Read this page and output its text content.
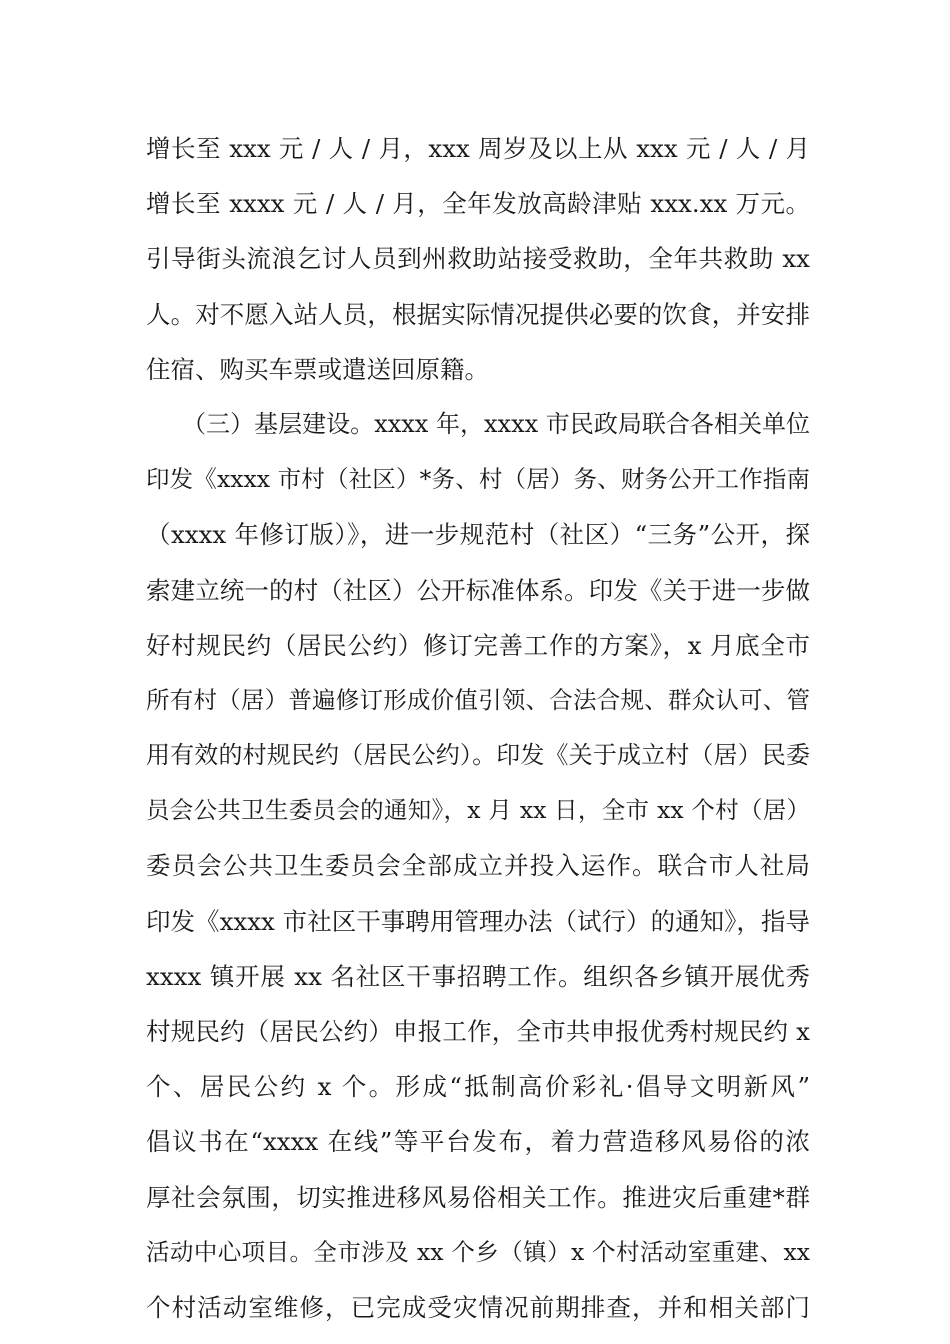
增长至 xxx 元 / 人 / 月，xxx 周岁及以上从 xxx 元 / 人 / 月
增长至 xxxx 元 / 人 / 月，全年发放高龄津贴 xxx.xx 万元。
引导街头流浪乞讨人员到州救助站接受救助，全年共救助 xx
人。对不愿入站人员，根据实际情况提供必要的饮食，并安排
住宿、购买车票或遣送回原籍。
　　（三）基层建设。xxxx 年，xxxx 市民政局联合各相关单位
印发《xxxx 市村（社区）*务、村（居）务、财务公开工作指南
（xxxx 年修订版）》，进一步规范村（社区）“三务”公开，探
索建立统一的村（社区）公开标准体系。印发《关于进一步做
好村规民约（居民公约）修订完善工作的方案》，x 月底全市
所有村（居）普遍修订形成价值引领、合法合规、群众认可、管
用有效的村规民约（居民公约）。印发《关于成立村（居）民委
员会公共卫生委员会的通知》，x 月 xx 日，全市 xx 个村（居）
委员会公共卫生委员会全部成立并投入运作。联合市人社局
印发《xxxx 市社区干事聘用管理办法（试行）的通知》，指导
xxxx 镇开展 xx 名社区干事招聘工作。组织各乡镇开展优秀
村规民约（居民公约）申报工作，全市共申报优秀村规民约 x
个、居民公约 x 个。形成“抵制高价彩礼·倡导文明新风”
倡议书在“xxxx 在线”等平台发布，着力营造移风易俗的浓
厚社会氛围，切实推进移风易俗相关工作。推进灾后重建*群
活动中心项目。全市涉及 xx 个乡（镇）x 个村活动室重建、xx
个村活动室维修，已完成受灾情况前期排查，并和相关部门
